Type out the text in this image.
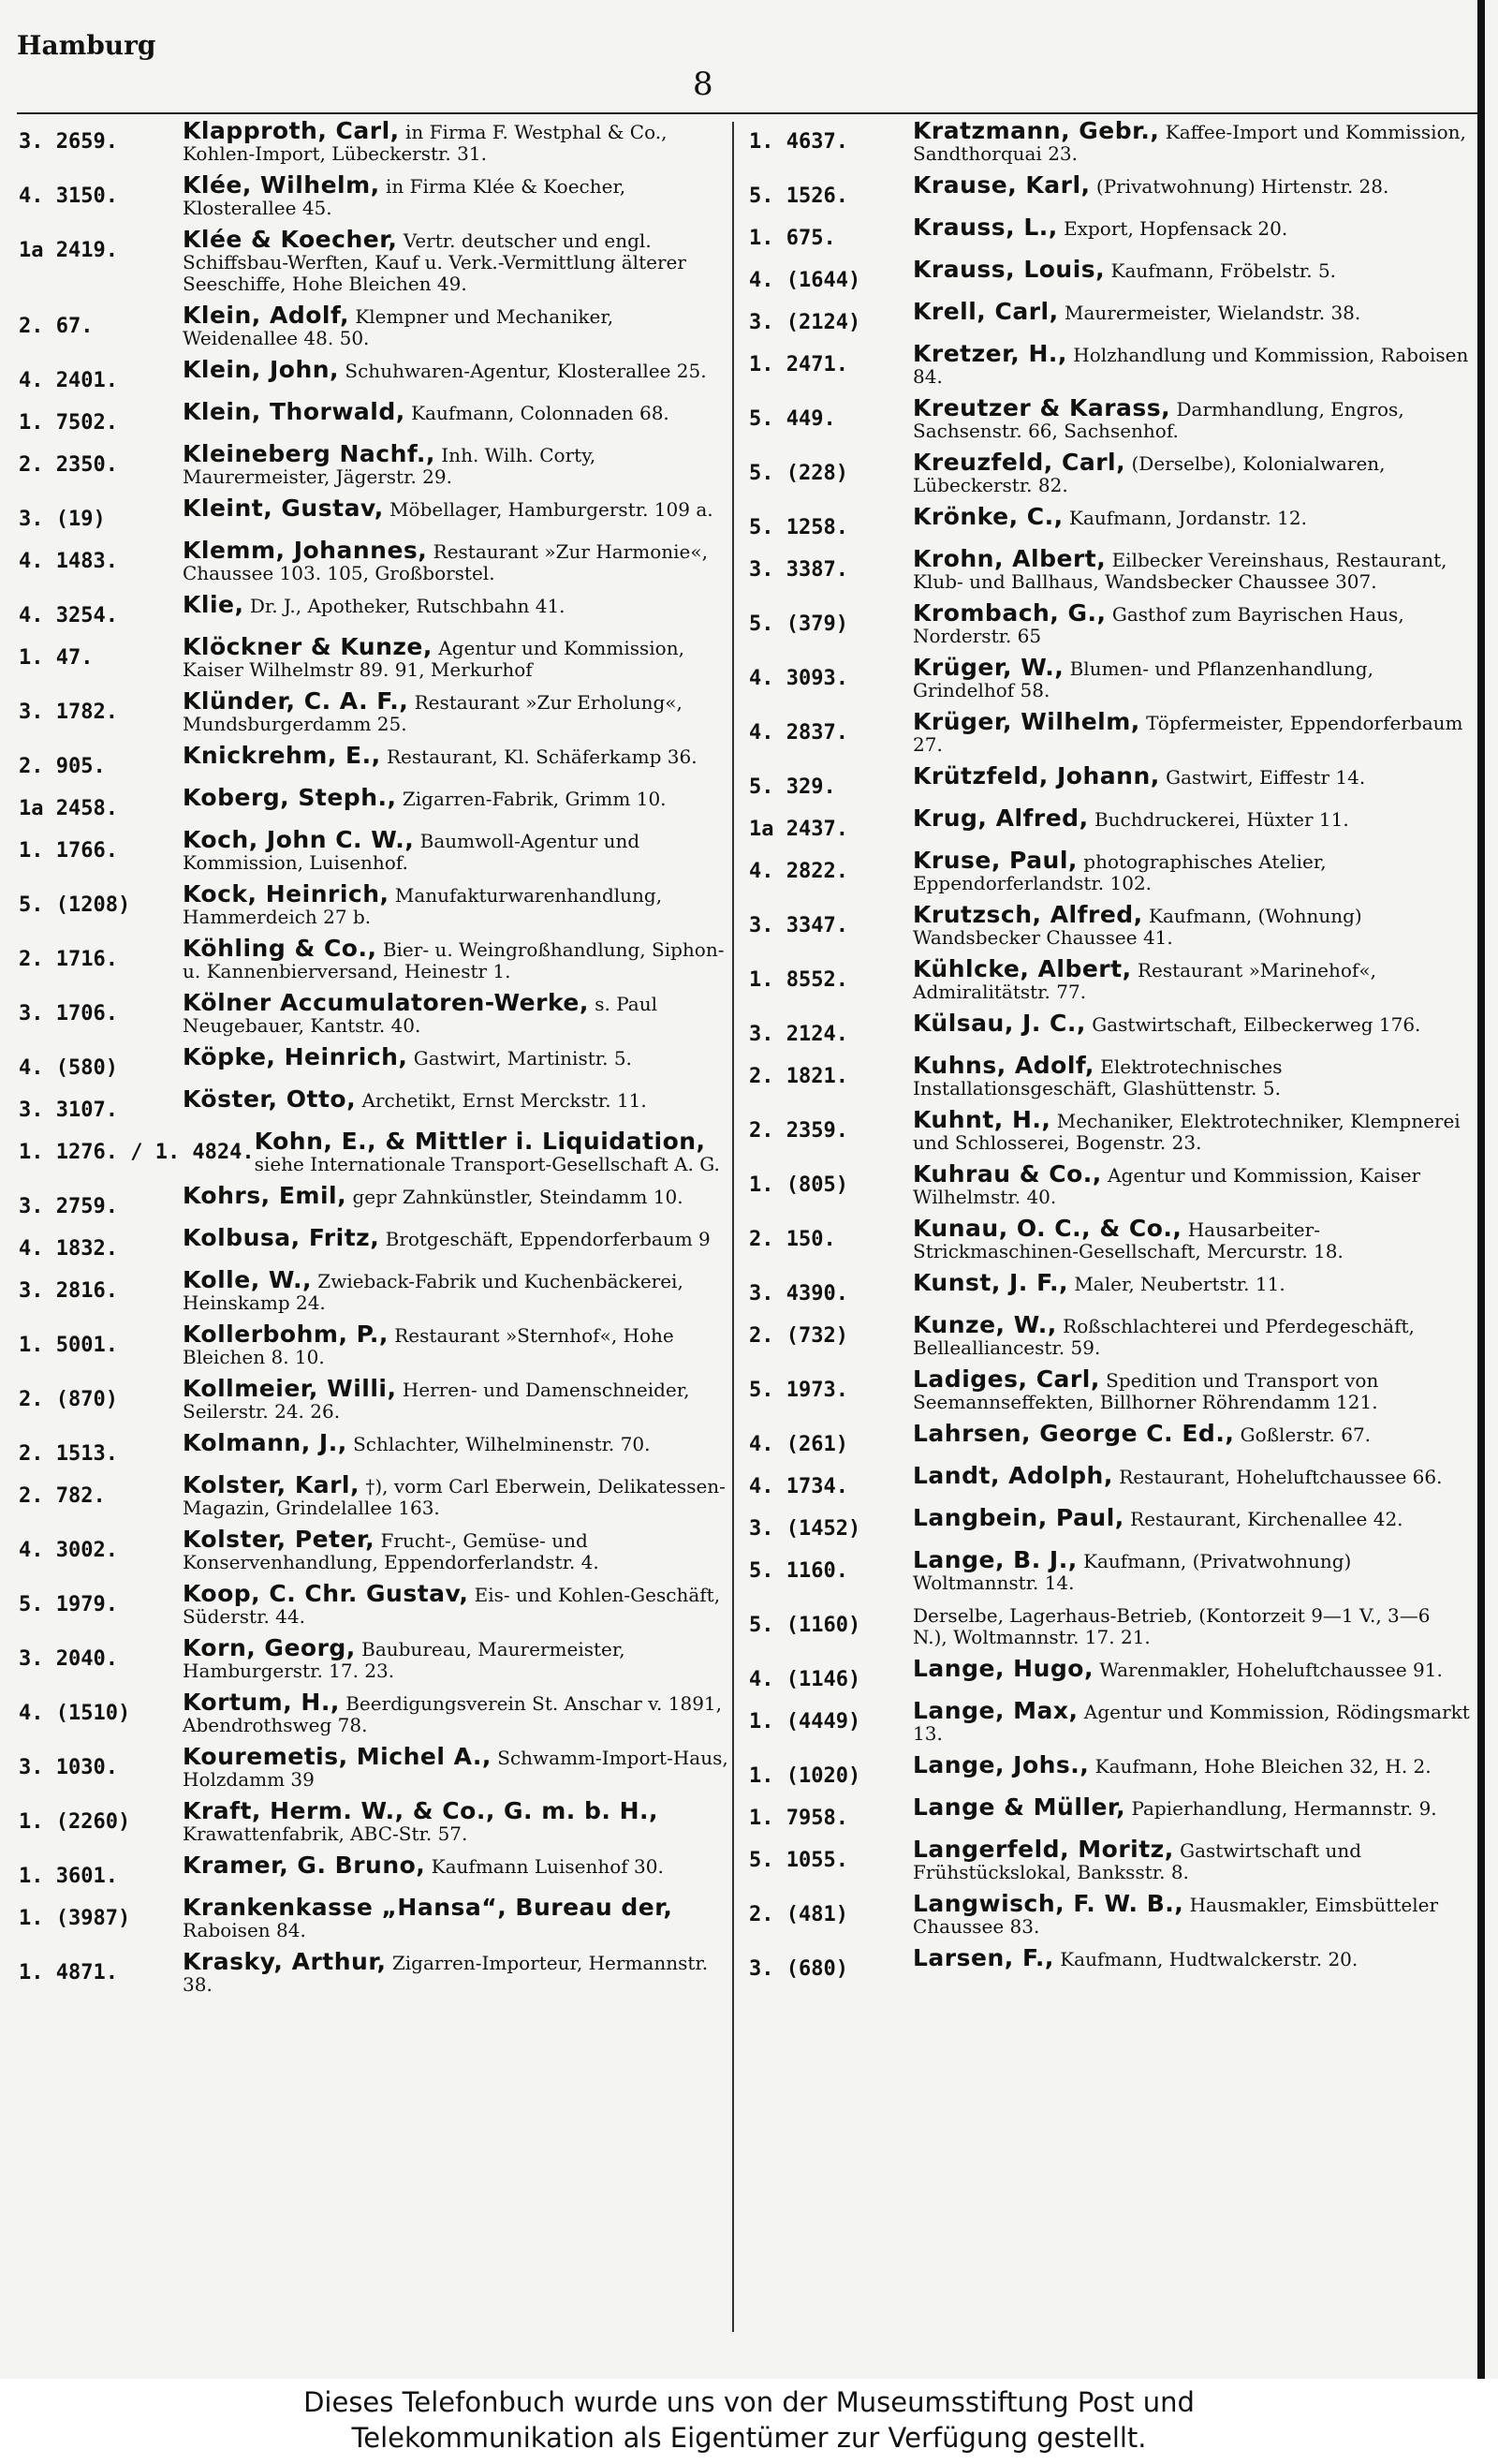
Hamburg
8
3. 2659.	Klapproth, Carl, in Firma F. Westphal & Co., Kohlen-Import, Lübeckerstr. 31.
4. 3150.	Klée, Wilhelm, in Firma Klée & Koecher, Klosterallee 45.
1a 2419.	Klée & Koecher, Vertr. deutscher und engl. Schiffsbau-Werften, Kauf u. Verk.-Vermittlung älterer Seeschiffe, Hohe Bleichen 49.
2. 67.	Klein, Adolf, Klempner und Mechaniker, Weidenallee 48. 50.
4. 2401.	Klein, John, Schuhwaren-Agentur, Klosterallee 25.
1. 7502.	Klein, Thorwald, Kaufmann, Colonnaden 68.
2. 2350.	Kleineberg Nachf., Inh. Wilh. Corty, Maurermeister, Jägerstr. 29.
3. (19)	Kleint, Gustav, Möbellager, Hamburgerstr. 109 a.
4. 1483.	Klemm, Johannes, Restaurant »Zur Harmonie«, Chaussee 103. 105, Großborstel.
4. 3254.	Klie, Dr. J., Apotheker, Rutschbahn 41.
1. 47.	Klöckner & Kunze, Agentur und Kommission, Kaiser Wilhelmstr 89. 91, Merkurhof
3. 1782.	Klünder, C. A. F., Restaurant »Zur Erholung«, Mundsburgerdamm 25.
2. 905.	Knickrehm, E., Restaurant, Kl. Schäferkamp 36.
1a 2458.	Koberg, Steph., Zigarren-Fabrik, Grimm 10.
1. 1766.	Koch, John C. W., Baumwoll-Agentur und Kommission, Luisenhof.
5. (1208)	Kock, Heinrich, Manufakturwarenhandlung, Hammerdeich 27 b.
2. 1716.	Köhling & Co., Bier- u. Weingroßhandlung, Siphon- u. Kannenbierversand, Heinestr 1.
3. 1706.	Kölner Accumulatoren-Werke, s. Paul Neugebauer, Kantstr. 40.
4. (580)	Köpke, Heinrich, Gastwirt, Martinistr. 5.
3. 3107.	Köster, Otto, Archetikt, Ernst Merckstr. 11.
1. 1276. / 1. 4824. Kohn, E., & Mittler i. Liquidation, siehe Internationale Transport-Gesellschaft A. G.
3. 2759.	Kohrs, Emil, gepr Zahnkünstler, Steindamm 10.
4. 1832.	Kolbusa, Fritz, Brotgeschäft, Eppendorferbaum 9
3. 2816.	Kolle, W., Zwieback-Fabrik und Kuchenbäckerei, Heinskamp 24.
1. 5001.	Kollerbohm, P., Restaurant »Sternhof«, Hohe Bleichen 8. 10.
2. (870)	Kollmeier, Willi, Herren- und Damenschneider, Seilerstr. 24. 26.
2. 1513.	Kolmann, J., Schlachter, Wilhelminenstr. 70.
2. 782.	Kolster, Karl, †), vorm Carl Eberwein, Delikatessen-Magazin, Grindelallee 163.
4. 3002.	Kolster, Peter, Frucht-, Gemüse- und Konservenhandlung, Eppendorferlandstr. 4.
5. 1979.	Koop, C. Chr. Gustav, Eis- und Kohlen-Geschäft, Süderstr. 44.
3. 2040.	Korn, Georg, Baubureau, Maurermeister, Hamburgerstr. 17. 23.
4. (1510)	Kortum, H., Beerdigungsverein St. Anschar v. 1891, Abendrothsweg 78.
3. 1030.	Kouremetis, Michel A., Schwamm-Import-Haus, Holzdamm 39
1. (2260)	Kraft, Herm. W., & Co., G. m. b. H., Krawattenfabrik, ABC-Str. 57.
1. 3601.	Kramer, G. Bruno, Kaufmann Luisenhof 30.
1. (3987)	Krankenkasse „Hansa“, Bureau der, Raboisen 84.
1. 4871.	Krasky, Arthur, Zigarren-Importeur, Hermannstr. 38.
1. 4637.	Kratzmann, Gebr., Kaffee-Import und Kommission, Sandthorquai 23.
5. 1526.	Krause, Karl, (Privatwohnung) Hirtenstr. 28.
1. 675.	Krauss, L., Export, Hopfensack 20.
4. (1644)	Krauss, Louis, Kaufmann, Fröbelstr. 5.
3. (2124)	Krell, Carl, Maurermeister, Wielandstr. 38.
1. 2471.	Kretzer, H., Holzhandlung und Kommission, Raboisen 84.
5. 449.	Kreutzer & Karass, Darmhandlung, Engros, Sachsenstr. 66, Sachsenhof.
5. (228)	Kreuzfeld, Carl, (Derselbe), Kolonialwaren, Lübeckerstr. 82.
5. 1258.	Krönke, C., Kaufmann, Jordanstr. 12.
3. 3387.	Krohn, Albert, Eilbecker Vereinshaus, Restaurant, Klub- und Ballhaus, Wandsbecker Chaussee 307.
5. (379)	Krombach, G., Gasthof zum Bayrischen Haus, Norderstr. 65
4. 3093.	Krüger, W., Blumen- und Pflanzenhandlung, Grindelhof 58.
4. 2837.	Krüger, Wilhelm, Töpfermeister, Eppendorferbaum 27.
5. 329.	Krützfeld, Johann, Gastwirt, Eiffestr 14.
1a 2437.	Krug, Alfred, Buchdruckerei, Hüxter 11.
4. 2822.	Kruse, Paul, photographisches Atelier, Eppendorferlandstr. 102.
3. 3347.	Krutzsch, Alfred, Kaufmann, (Wohnung) Wandsbecker Chaussee 41.
1. 8552.	Kühlcke, Albert, Restaurant »Marinehof«, Admiralitätstr. 77.
3. 2124.	Külsau, J. C., Gastwirtschaft, Eilbeckerweg 176.
2. 1821.	Kuhns, Adolf, Elektrotechnisches Installationsgeschäft, Glashüttenstr. 5.
2. 2359.	Kuhnt, H., Mechaniker, Elektrotechniker, Klempnerei und Schlosserei, Bogenstr. 23.
1. (805)	Kuhrau & Co., Agentur und Kommission, Kaiser Wilhelmstr. 40.
2. 150.	Kunau, O. C., & Co., Hausarbeiter-Strickmaschinen-Gesellschaft, Mercurstr. 18.
3. 4390.	Kunst, J. F., Maler, Neubertstr. 11.
2. (732)	Kunze, W., Roßschlachterei und Pferdegeschäft, Bellealliancestr. 59.
5. 1973.	Ladiges, Carl, Spedition und Transport von Seemannseffekten, Billhorner Röhrendamm 121.
4. (261)	Lahrsen, George C. Ed., Goßlerstr. 67.
4. 1734.	Landt, Adolph, Restaurant, Hoheluftchaussee 66.
3. (1452)	Langbein, Paul, Restaurant, Kirchenallee 42.
5. 1160.	Lange, B. J., Kaufmann, (Privatwohnung) Woltmannstr. 14.
5. (1160)	Derselbe, Lagerhaus-Betrieb, (Kontorzeit 9—1 V., 3—6 N.), Woltmannstr. 17. 21.
4. (1146)	Lange, Hugo, Warenmakler, Hoheluftchaussee 91.
1. (4449)	Lange, Max, Agentur und Kommission, Rödingsmarkt 13.
1. (1020)	Lange, Johs., Kaufmann, Hohe Bleichen 32, H. 2.
1. 7958.	Lange & Müller, Papierhandlung, Hermannstr. 9.
5. 1055.	Langerfeld, Moritz, Gastwirtschaft und Frühstückslokal, Banksstr. 8.
2. (481)	Langwisch, F. W. B., Hausmakler, Eimsbütteler Chaussee 83.
3. (680)	Larsen, F., Kaufmann, Hudtwalckerstr. 20.
Dieses Telefonbuch wurde uns von der Museumsstiftung Post und
Telekommunikation als Eigentümer zur Verfügung gestellt.
